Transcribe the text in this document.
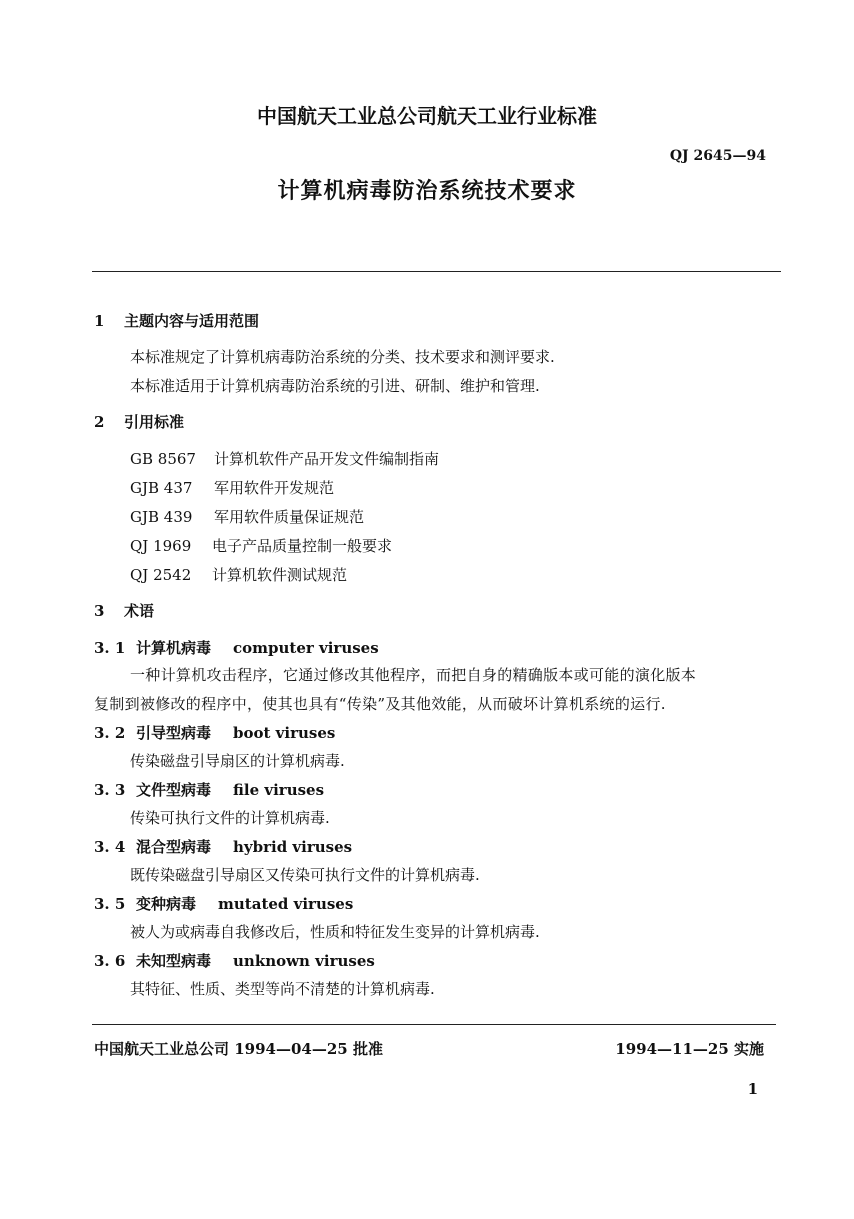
中国航天工业总公司航天工业行业标准
QJ 2645—94
计算机病毒防治系统技术要求
1 主题内容与适用范围
本标准规定了计算机病毒防治系统的分类、技术要求和测评要求.
本标准适用于计算机病毒防治系统的引进、研制、维护和管理.
2 引用标准
GB 8567 计算机软件产品开发文件编制指南
GJB 437 军用软件开发规范
GJB 439 军用软件质量保证规范
QJ 1969 电子产品质量控制一般要求
QJ 2542 计算机软件测试规范
3 术语
3. 1 计算机病毒 computer viruses
一种计算机攻击程序，它通过修改其他程序，而把自身的精确版本或可能的演化版本
复制到被修改的程序中，使其也具有“传染”及其他效能，从而破坏计算机系统的运行.
3. 2 引导型病毒 boot viruses
传染磁盘引导扇区的计算机病毒.
3. 3 文件型病毒 file viruses
传染可执行文件的计算机病毒.
3. 4 混合型病毒 hybrid viruses
既传染磁盘引导扇区又传染可执行文件的计算机病毒.
3. 5 变种病毒 mutated viruses
被人为或病毒自我修改后，性质和特征发生变异的计算机病毒.
3. 6 未知型病毒 unknown viruses
其特征、性质、类型等尚不清楚的计算机病毒.
中国航天工业总公司 1994—04—25 批准	1994—11—25 实施
1
